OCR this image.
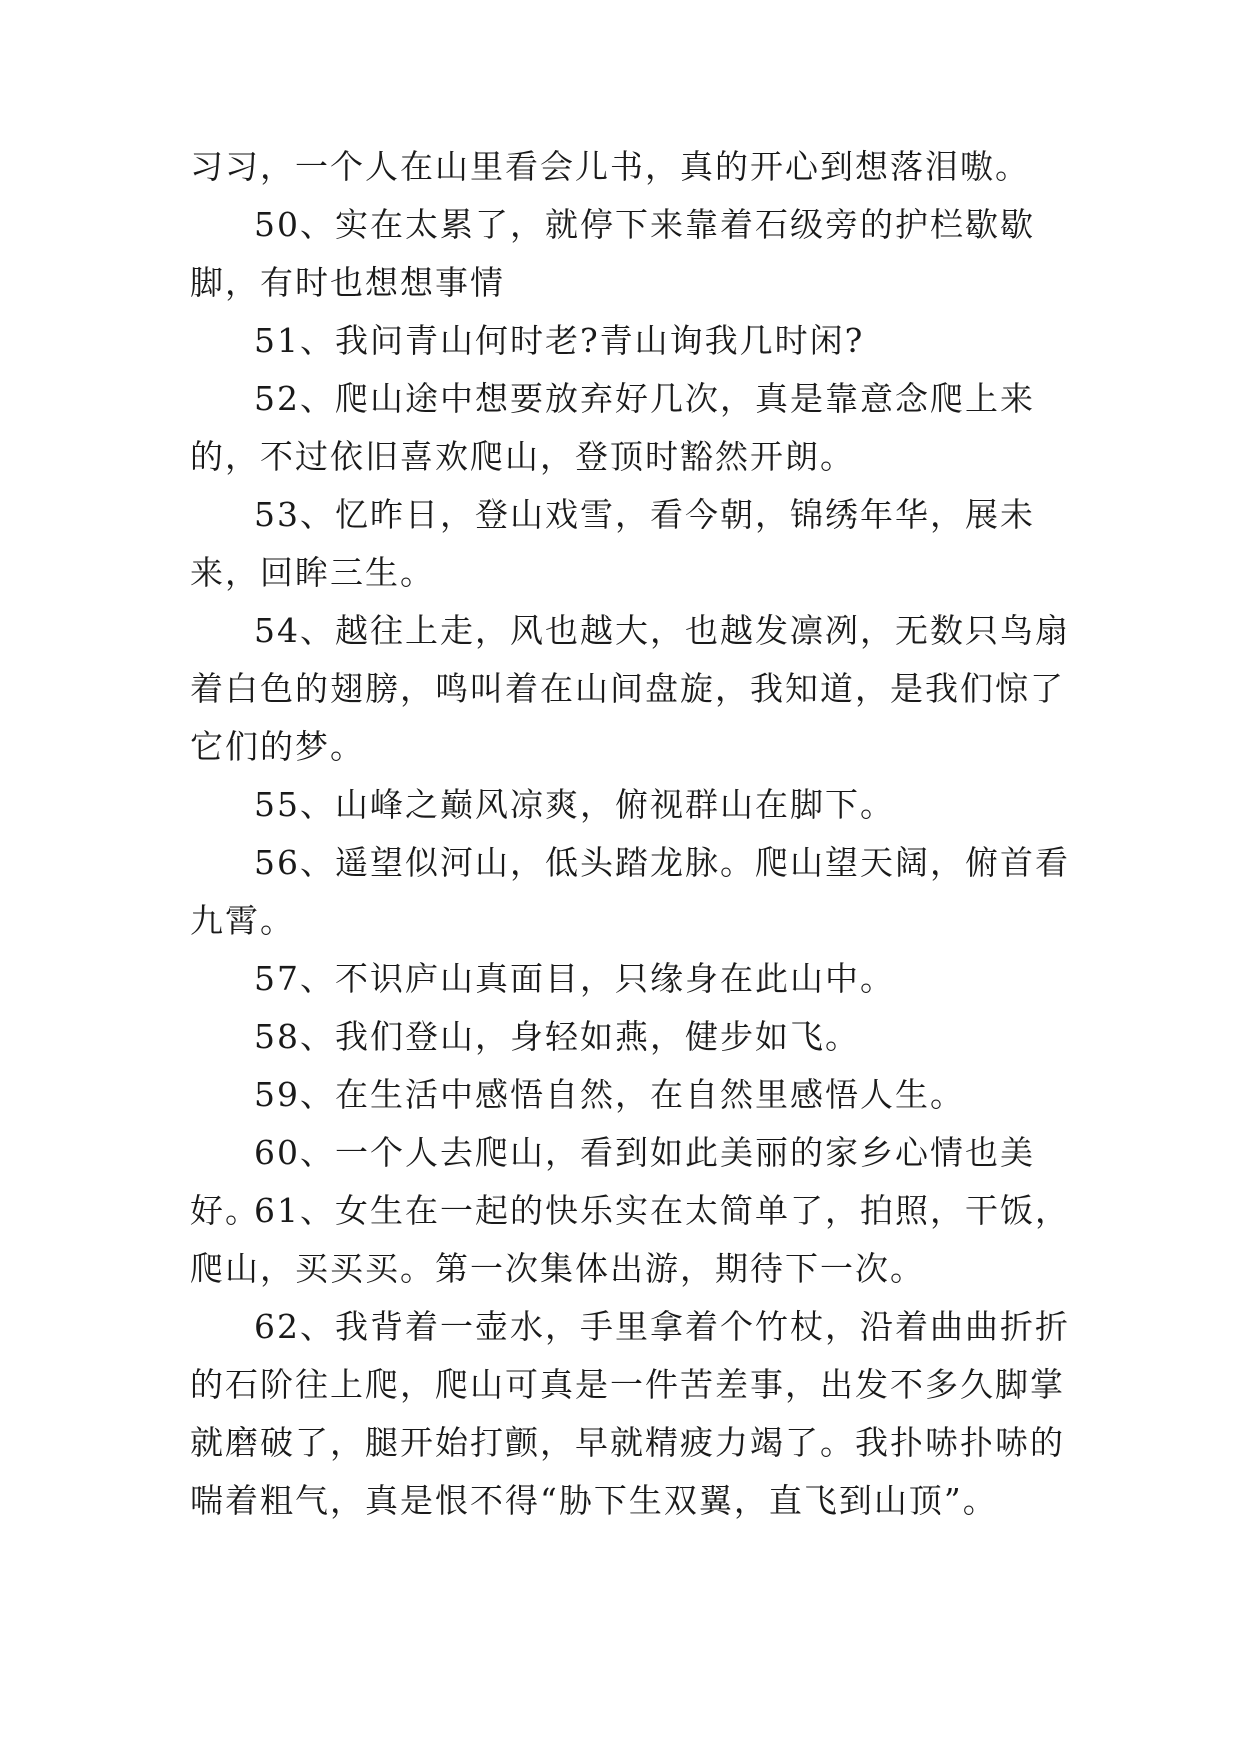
习习，一个人在山里看会儿书，真的开心到想落泪嗷。

50、实在太累了，就停下来靠着石级旁的护栏歇歇脚，有时也想想事情

51、我问青山何时老?青山询我几时闲?

52、爬山途中想要放弃好几次，真是靠意念爬上来的，不过依旧喜欢爬山，登顶时豁然开朗。

53、忆昨日，登山戏雪，看今朝，锦绣年华，展未来，回眸三生。

54、越往上走，风也越大，也越发凛冽，无数只鸟扇着白色的翅膀，鸣叫着在山间盘旋，我知道，是我们惊了它们的梦。

55、山峰之巅风凉爽，俯视群山在脚下。

56、遥望似河山，低头踏龙脉。爬山望天阔，俯首看九霄。

57、不识庐山真面目，只缘身在此山中。

58、我们登山，身轻如燕，健步如飞。

59、在生活中感悟自然，在自然里感悟人生。

60、一个人去爬山，看到如此美丽的家乡心情也美好。

61、女生在一起的快乐实在太简单了，拍照，干饭，爬山，买买买。第一次集体出游，期待下一次。

62、我背着一壶水，手里拿着个竹杖，沿着曲曲折折的石阶往上爬，爬山可真是一件苦差事，出发不多久脚掌就磨破了，腿开始打颤，早就精疲力竭了。我扑哧扑哧的喘着粗气，真是恨不得“胁下生双翼，直飞到山顶”。
